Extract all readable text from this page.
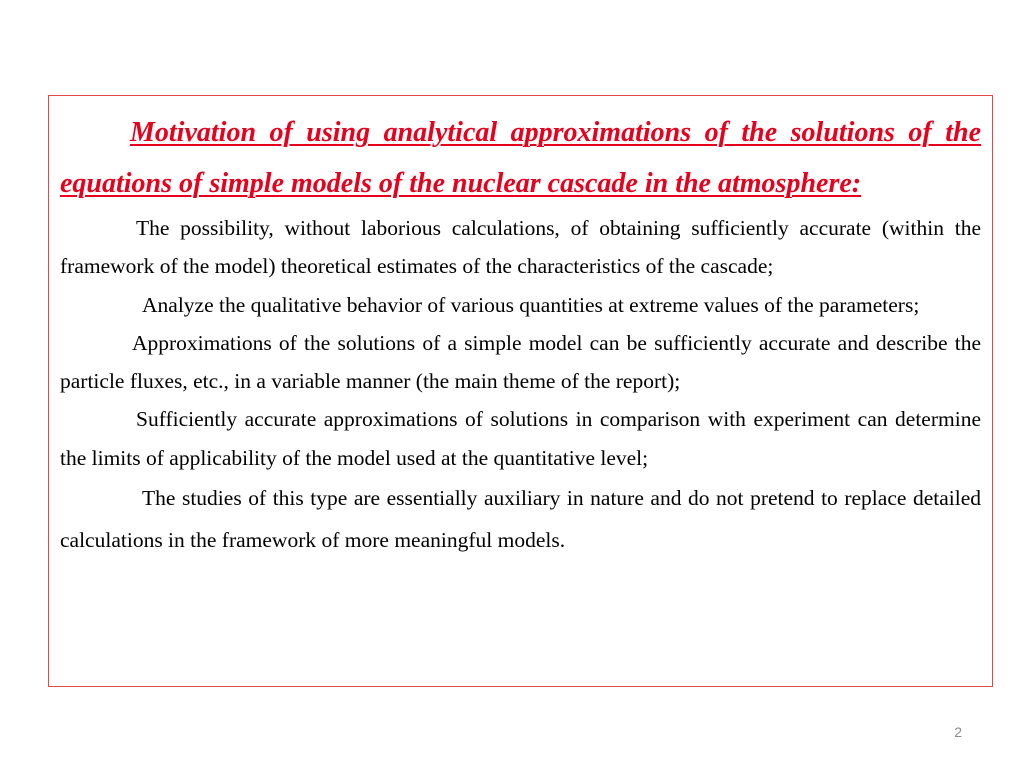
Motivation of using analytical approximations of the solutions of the equations of simple models of the nuclear cascade in the atmosphere:

The possibility, without laborious calculations, of obtaining sufficiently accurate (within the framework of the model) theoretical estimates of the characteristics of the cascade;

Analyze the qualitative behavior of various quantities at extreme values of the parameters;

Approximations of the solutions of a simple model can be sufficiently accurate and describe the particle fluxes, etc., in a variable manner (the main theme of the report);

Sufficiently accurate approximations of solutions in comparison with experiment can determine the limits of applicability of the model used at the quantitative level;

The studies of this type are essentially auxiliary in nature and do not pretend to replace detailed calculations in the framework of more meaningful models.

2
